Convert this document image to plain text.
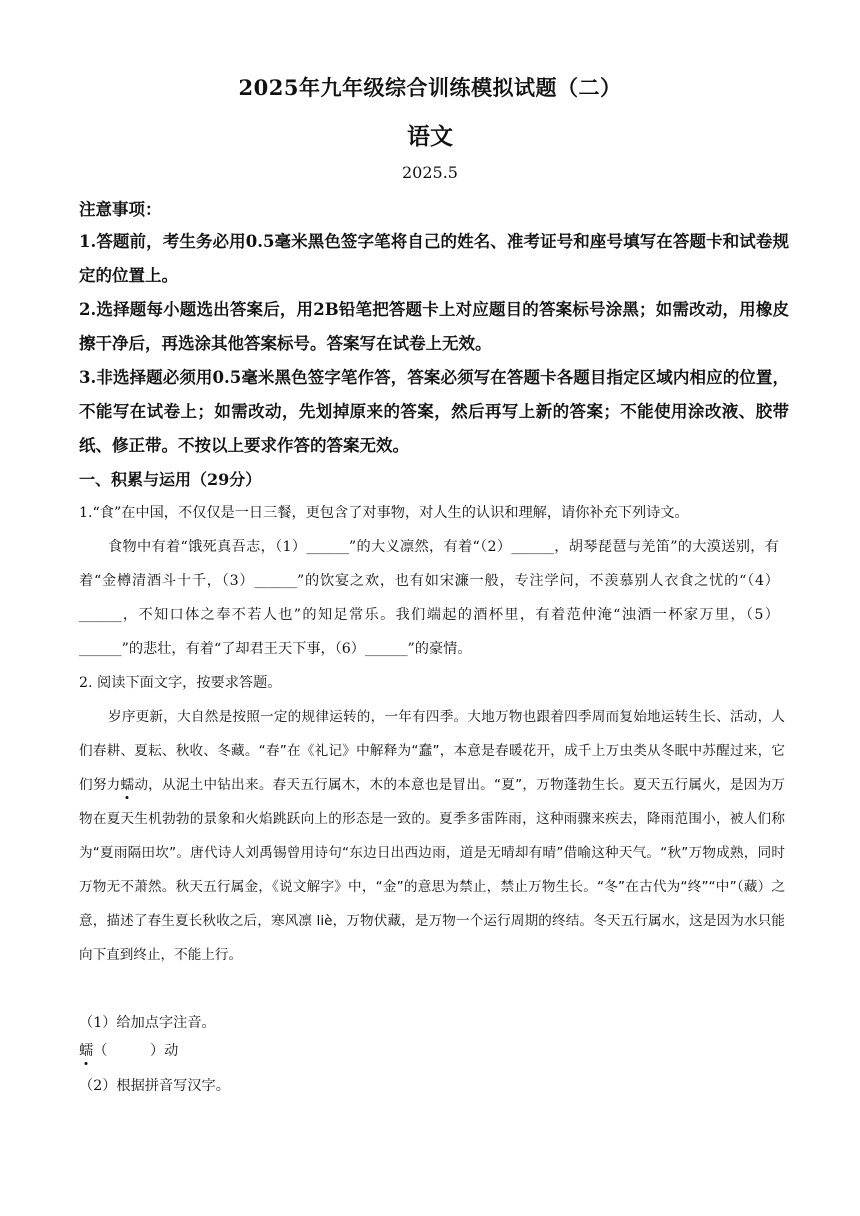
2025年九年级综合训练模拟试题（二）
语文
2025.5
注意事项：

1.答题前，考生务必用0.5毫米黑色签字笔将自己的姓名、准考证号和座号填写在答题卡和试卷规定的位置上。

2.选择题每小题选出答案后，用2B铅笔把答题卡上对应题目的答案标号涂黑；如需改动，用橡皮擦干净后，再选涂其他答案标号。答案写在试卷上无效。

3.非选择题必须用0.5毫米黑色签字笔作答，答案必须写在答题卡各题目指定区域内相应的位置，不能写在试卷上；如需改动，先划掉原来的答案，然后再写上新的答案；不能使用涂改液、胶带纸、修正带。不按以上要求作答的答案无效。

一、积累与运用（29分）

1.“食”在中国，不仅仅是一日三餐，更包含了对事物，对人生的认识和理解，请你补充下列诗文。

食物中有着“饿死真吾志，（1）______”的大义凛然，有着“（2）______，胡琴琵琶与羌笛”的大漠送别，有着“金樽清酒斗十千，（3）______”的饮宴之欢，也有如宋濂一般，专注学问，不羡慕别人衣食之忧的“（4）______，不知口体之奉不若人也”的知足常乐。我们端起的酒杯里，有着范仲淹“浊酒一杯家万里，（5）______”的悲壮，有着“了却君王天下事，（6）______”的豪情。

2. 阅读下面文字，按要求答题。

岁序更新，大自然是按照一定的规律运转的，一年有四季。大地万物也跟着四季周而复始地运转生长、活动，人们春耕、夏耘、秋收、冬藏。“春”在《礼记》中解释为“蠢”，本意是春暖花开，成千上万虫类从冬眠中苏醒过来，它们努力蠕动，从泥土中钻出来。春天五行属木，木的本意也是冒出。“夏”，万物蓬勃生长。夏天五行属火，是因为万物在夏天生机勃勃的景象和火焰跳跃向上的形态是一致的。夏季多雷阵雨，这种雨骤来疾去，降雨范围小，被人们称为“夏雨隔田坎”。唐代诗人刘禹锡曾用诗句“东边日出西边雨，道是无晴却有晴”借喻这种天气。“秋”万物成熟，同时万物无不萧然。秋天五行属金，《说文解字》中，“金”的意思为禁止，禁止万物生长。“冬”在古代为“终”“中”（藏）之意，描述了春生夏长秋收之后，寒风凛 liè，万物伏藏，是万物一个运行周期的终结。冬天五行属水，这是因为水只能向下直到终止，不能上行。

（1）给加点字注音。
蠕（　　　）动
（2）根据拼音写汉字。
